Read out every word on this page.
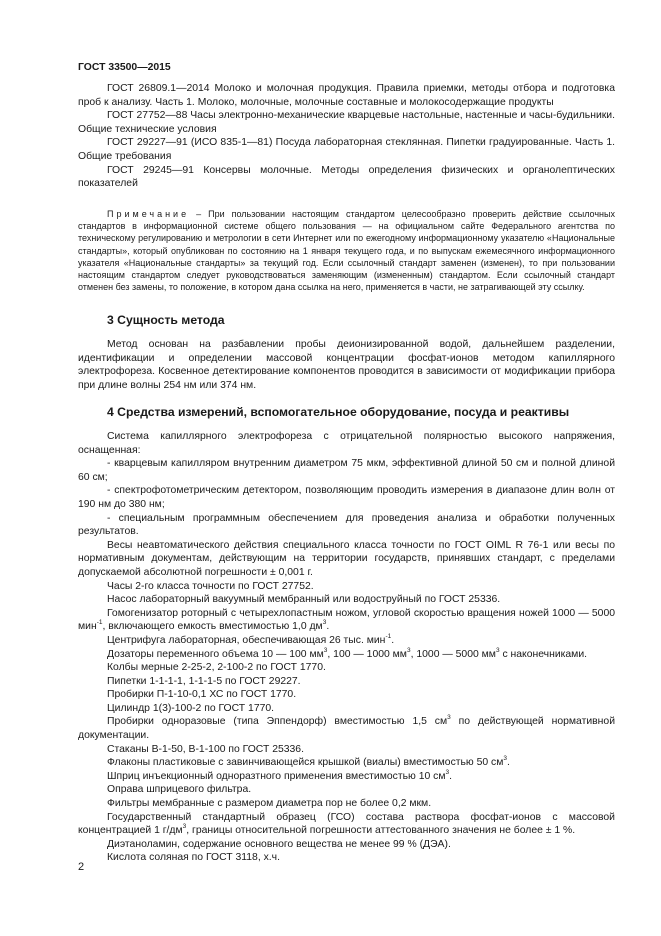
ГОСТ 33500—2015

ГОСТ 26809.1—2014 Молоко и молочная продукция. Правила приемки, методы отбора и подготовка проб к анализу. Часть 1. Молоко, молочные, молочные составные и молокосодержащие продукты

ГОСТ 27752—88 Часы электронно-механические кварцевые настольные, настенные и часы-будильники. Общие технические условия

ГОСТ 29227—91 (ИСО 835-1—81) Посуда лабораторная стеклянная. Пипетки градуированные. Часть 1. Общие требования

ГОСТ 29245—91 Консервы молочные. Методы определения физических и органолептических показателей

Примечание – При пользовании настоящим стандартом целесообразно проверить действие ссылочных стандартов в информационной системе общего пользования — на официальном сайте Федерального агентства по техническому регулированию и метрологии в сети Интернет или по ежегодному информационному указателю «Национальные стандарты», который опубликован по состоянию на 1 января текущего года, и по выпускам ежемесячного информационного указателя «Национальные стандарты» за текущий год. Если ссылочный стандарт заменен (изменен), то при пользовании настоящим стандартом следует руководствоваться заменяющим (измененным) стандартом. Если ссылочный стандарт отменен без замены, то положение, в котором дана ссылка на него, применяется в части, не затрагивающей эту ссылку.

3 Сущность метода

Метод основан на разбавлении пробы деионизированной водой, дальнейшем разделении, идентификации и определении массовой концентрации фосфат-ионов методом капиллярного электрофореза. Косвенное детектирование компонентов проводится в зависимости от модификации прибора при длине волны 254 нм или 374 нм.

4 Средства измерений, вспомогательное оборудование, посуда и реактивы

Система капиллярного электрофореза с отрицательной полярностью высокого напряжения, оснащенная:

- кварцевым капилляром внутренним диаметром 75 мкм, эффективной длиной 50 см и полной длиной 60 см;

- спектрофотометрическим детектором, позволяющим проводить измерения в диапазоне длин волн от 190 нм до 380 нм;

- специальным программным обеспечением для проведения анализа и обработки полученных результатов.

Весы неавтоматического действия специального класса точности по ГОСТ OIML R 76-1 или весы по нормативным документам, действующим на территории государств, принявших стандарт, с пределами допускаемой абсолютной погрешности ± 0,001 г.

Часы 2-го класса точности по ГОСТ 27752.

Насос лабораторный вакуумный мембранный или водоструйный по ГОСТ 25336.

Гомогенизатор роторный с четырехлопастным ножом, угловой скоростью вращения ножей 1000 — 5000 мин$^{-1}$, включающего емкость вместимостью 1,0 $дм^3$.

Центрифуга лабораторная, обеспечивающая 26 тыс. мин$^{-1}$.

Дозаторы переменного объема 10 — 100 $мм^3$, 100 — 1000 $мм^3$, 1000 — 5000 $мм^3$ с наконечниками.

Колбы мерные 2-25-2, 2-100-2 по ГОСТ 1770.

Пипетки 1-1-1-1, 1-1-1-5 по ГОСТ 29227.

Пробирки П-1-10-0,1 ХС по ГОСТ 1770.

Цилиндр 1(3)-100-2 по ГОСТ 1770.

Пробирки одноразовые (типа Эппендорф) вместимостью 1,5 $см^3$ по действующей нормативной документации.

Стаканы В-1-50, В-1-100 по ГОСТ 25336.

Флаконы пластиковые с завинчивающейся крышкой (виалы) вместимостью 50 $см^3$.

Шприц инъекционный одноразтного применения вместимостью 10 $см^3$.

Оправа шприцевого фильтра.

Фильтры мембранные с размером диаметра пор не более 0,2 мкм.

Государственный стандартный образец (ГСО) состава раствора фосфат-ионов с массовой концентрацией 1 $г/дм^3$, границы относительной погрешности аттестованного значения не более ± 1 %.

Диэтаноламин, содержание основного вещества не менее 99 % (ДЭА).

Кислота соляная по ГОСТ 3118, х.ч.

2
